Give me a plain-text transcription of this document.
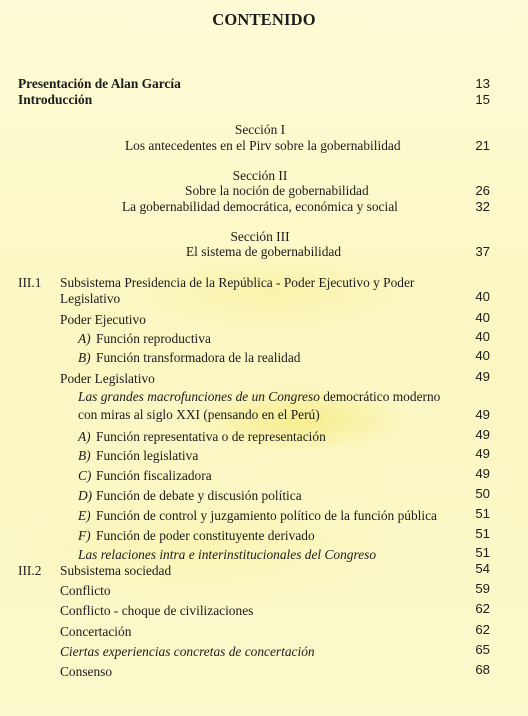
CONTENIDO
Presentación de Alan García	13
Introducción	15
Sección I
Los antecedentes en el Pirv sobre la gobernabilidad	21
Sección II
Sobre la noción de gobernabilidad	26
La gobernabilidad democrática, económica y social	32
Sección III
El sistema de gobernabilidad	37
III.1 Subsistema Presidencia de la República - Poder Ejecutivo y Poder
Legislativo	40
Poder Ejecutivo	40
A) Función reproductiva	40
B) Función transformadora de la realidad	40
Poder Legislativo	49
Las grandes macrofunciones de un Congreso democrático moderno
con miras al siglo XXI (pensando en el Perú)	49
A) Función representativa o de representación	49
B) Función legislativa	49
C) Función fiscalizadora	49
D) Función de debate y discusión política	50
E) Función de control y juzgamiento político de la función pública	51
F) Función de poder constituyente derivado	51
Las relaciones intra e interinstitucionales del Congreso	51
III.2 Subsistema sociedad	54
Conflicto	59
Conflicto - choque de civilizaciones	62
Concertación	62
Ciertas experiencias concretas de concertación	65
Consenso	68
